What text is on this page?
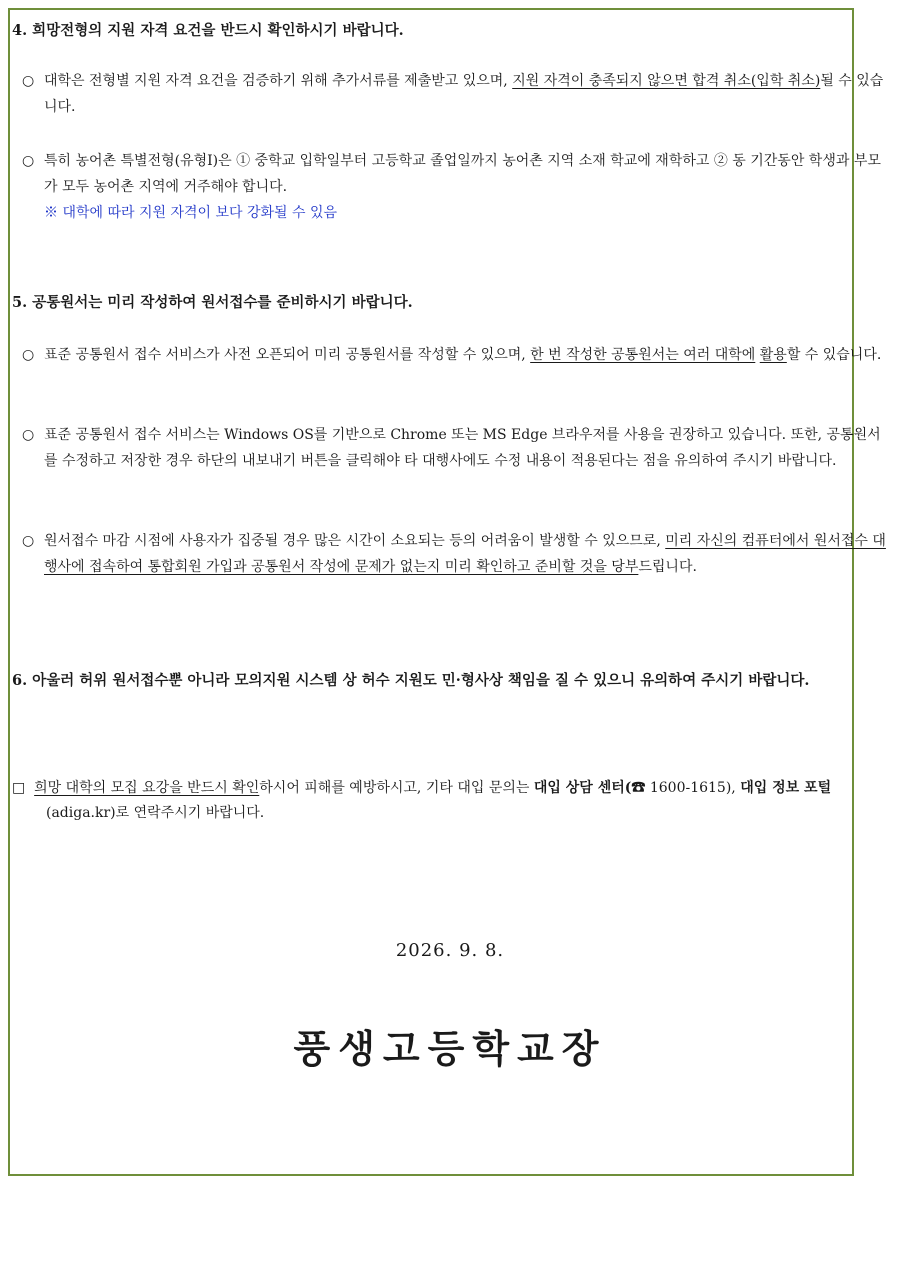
4. 희망전형의 지원 자격 요건을 반드시 확인하시기 바랍니다.
○ 대학은 전형별 지원 자격 요건을 검증하기 위해 추가서류를 제출받고 있으며, 지원 자격이 충족되지 않으면 합격 취소(입학 취소)될 수 있습니다.
○ 특히 농어촌 특별전형(유형Ⅰ)은 ① 중학교 입학일부터 고등학교 졸업일까지 농어촌 지역 소재 학교에 재학하고 ② 동 기간동안 학생과 부모가 모두 농어촌 지역에 거주해야 합니다.
※ 대학에 따라 지원 자격이 보다 강화될 수 있음
5. 공통원서는 미리 작성하여 원서접수를 준비하시기 바랍니다.
○ 표준 공통원서 접수 서비스가 사전 오픈되어 미리 공통원서를 작성할 수 있으며, 한 번 작성한 공통원서는 여러 대학에 활용할 수 있습니다.
○ 표준 공통원서 접수 서비스는 Windows OS를 기반으로 Chrome 또는 MS Edge 브라우저를 사용을 권장하고 있습니다. 또한, 공통원서를 수정하고 저장한 경우 하단의 내보내기 버튼을 클릭해야 타 대행사에도 수정 내용이 적용된다는 점을 유의하여 주시기 바랍니다.
○ 원서접수 마감 시점에 사용자가 집중될 경우 많은 시간이 소요되는 등의 어려움이 발생할 수 있으므로, 미리 자신의 컴퓨터에서 원서접수 대행사에 접속하여 통합회원 가입과 공통원서 작성에 문제가 없는지 미리 확인하고 준비할 것을 당부드립니다.
6. 아울러 허위 원서접수뿐 아니라 모의지원 시스템 상 허수 지원도 민·형사상 책임을 질 수 있으니 유의하여 주시기 바랍니다.
□ 희망 대학의 모집 요강을 반드시 확인하시어 피해를 예방하시고, 기타 대입 문의는 대입 상담 센터(☎ 1600-1615), 대입 정보 포털(adiga.kr)로 연락주시기 바랍니다.
2026. 9. 8.
풍생고등학교장
